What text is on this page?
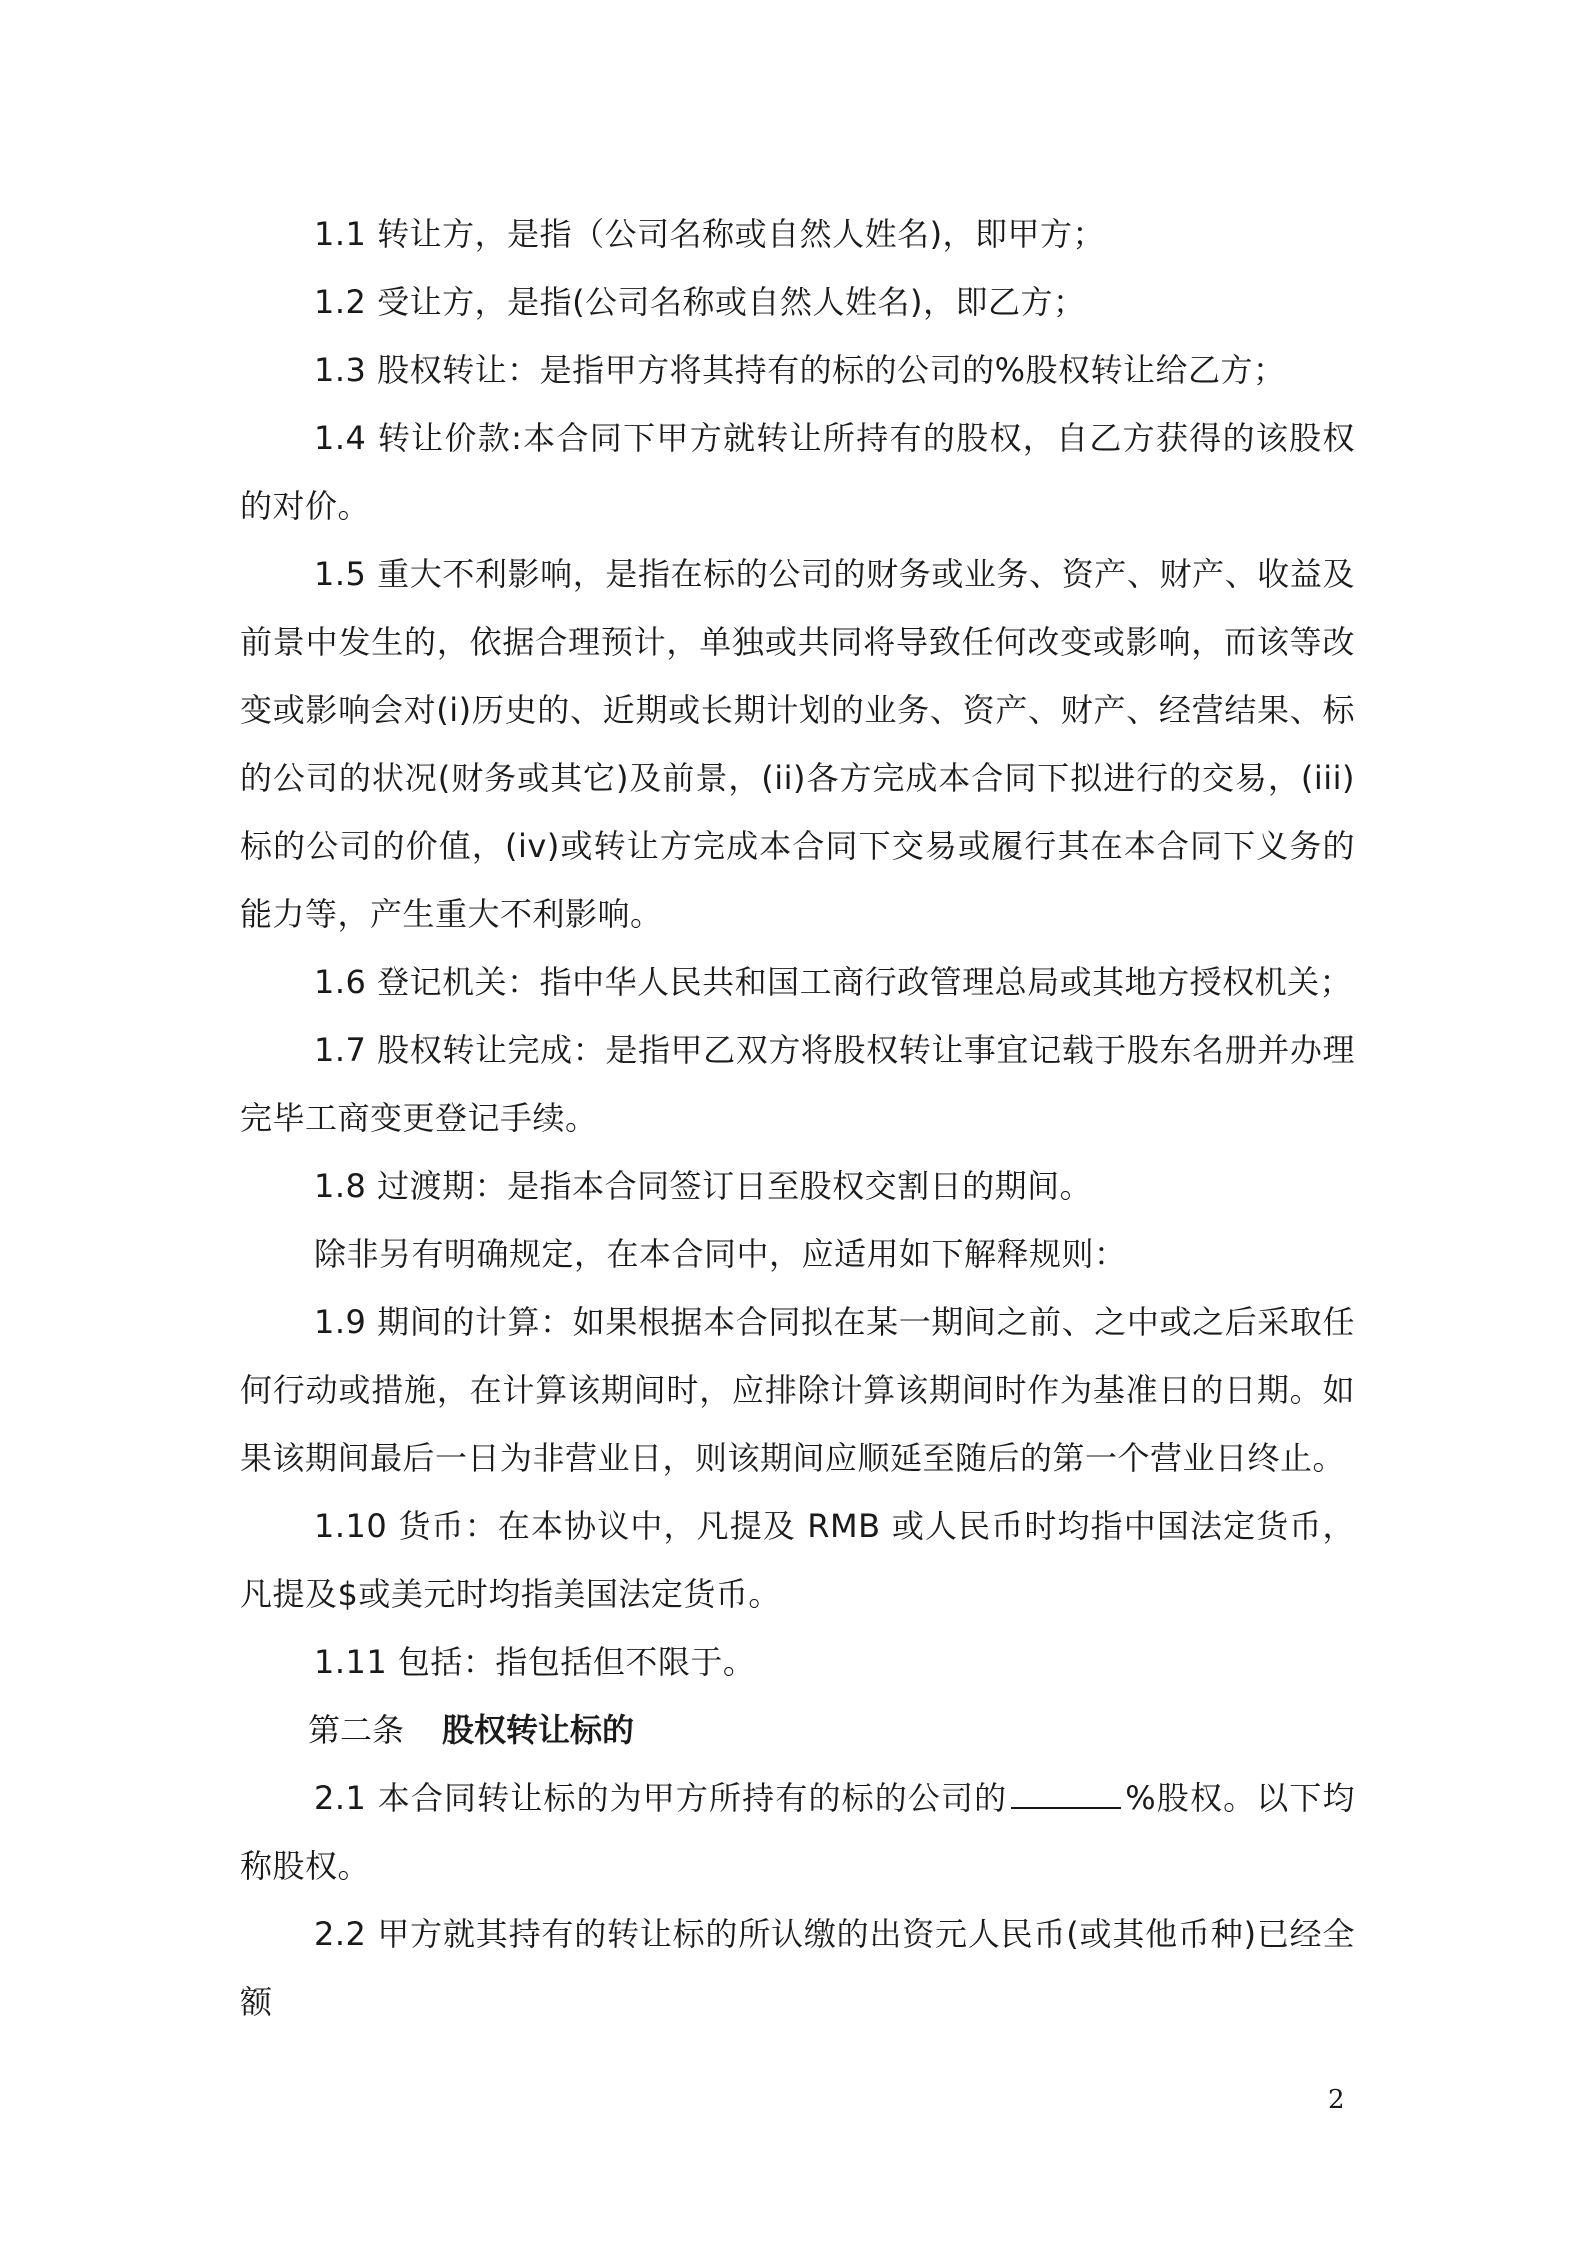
1.1 转让方，是指（公司名称或自然人姓名)，即甲方；

1.2 受让方，是指(公司名称或自然人姓名)，即乙方；

1.3 股权转让：是指甲方将其持有的标的公司的%股权转让给乙方；

1.4 转让价款:本合同下甲方就转让所持有的股权，自乙方获得的该股权的对价。

1.5 重大不利影响，是指在标的公司的财务或业务、资产、财产、收益及前景中发生的，依据合理预计，单独或共同将导致任何改变或影响，而该等改变或影响会对(i)历史的、近期或长期计划的业务、资产、财产、经营结果、标的公司的状况(财务或其它)及前景，(ii)各方完成本合同下拟进行的交易，(iii)标的公司的价值，(iv)或转让方完成本合同下交易或履行其在本合同下义务的能力等，产生重大不利影响。

1.6 登记机关：指中华人民共和国工商行政管理总局或其地方授权机关；

1.7 股权转让完成：是指甲乙双方将股权转让事宜记载于股东名册并办理完毕工商变更登记手续。

1.8 过渡期：是指本合同签订日至股权交割日的期间。

除非另有明确规定，在本合同中，应适用如下解释规则：

1.9 期间的计算：如果根据本合同拟在某一期间之前、之中或之后采取任何行动或措施，在计算该期间时，应排除计算该期间时作为基准日的日期。如果该期间最后一日为非营业日，则该期间应顺延至随后的第一个营业日终止。

1.10 货币：在本协议中，凡提及 RMB 或人民币时均指中国法定货币，凡提及$或美元时均指美国法定货币。

1.11 包括：指包括但不限于。

第二条 股权转让标的

2.1 本合同转让标的为甲方所持有的标的公司的	%股权。以下均称股权。

2.2 甲方就其持有的转让标的所认缴的出资元人民币(或其他币种)已经全额

2
